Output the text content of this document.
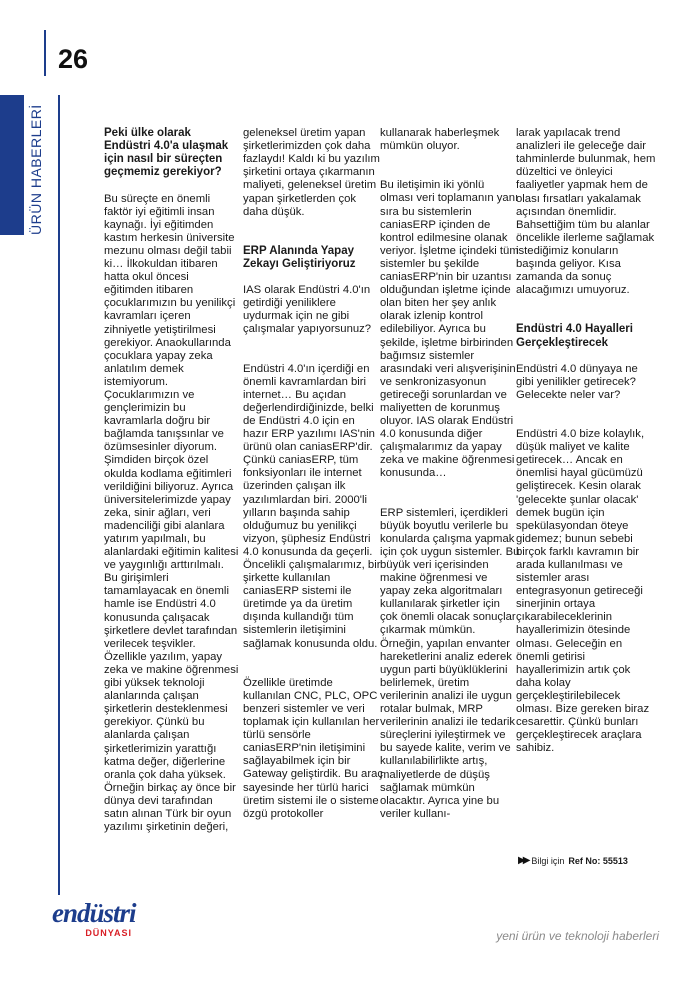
26
ÜRÜN HABERLERİ	Peki ülke olarak Endüstri 4.0'a ulaşmak için nasıl bir süreçten geçmemiz gerekiyor?

Bu süreçte en önemli faktör iyi eğitimli insan kaynağı. İyi eğitimden kastım herkesin üniversite mezunu olması değil tabii ki… İlkokuldan itibaren hatta okul öncesi eğitimden itibaren çocuklarımızın bu yenilikçi kavramları içeren zihniyetle yetiştirilmesi gerekiyor. Anaokullarında çocuklara yapay zeka anlatılım demek istemiyorum. Çocuklarımızın ve gençlerimizin bu kavramlarla doğru bir bağlamda tanışsınlar ve özümsesinler diyorum. Şimdiden birçok özel okulda kodlama eğitimleri verildiğini biliyoruz. Ayrıca üniversitelerimizde yapay zeka, sinir ağları, veri madenciliği gibi alanlara yatırım yapılmalı, bu alanlardaki eğitimin kalitesi ve yaygınlığı arttırılmalı. Bu girişimleri tamamlayacak en önemli hamle ise Endüstri 4.0 konusunda çalışacak şirketlere devlet tarafından verilecek teşvikler. Özellikle yazılım, yapay zeka ve makine öğrenmesi gibi yüksek teknoloji alanlarında çalışan şirketlerin desteklenmesi gerekiyor. Çünkü bu alanlarda çalışan şirketlerimizin yarattığı katma değer, diğerlerine oranla çok daha yüksek. Örneğin birkaç ay önce bir dünya devi tarafından satın alınan Türk bir oyun yazılımı şirketinin değeri,

geleneksel üretim yapan şirketlerimizden çok daha fazlaydı! Kaldı ki bu yazılım şirketini ortaya çıkarmanın maliyeti, geleneksel üretim yapan şirketlerden çok daha düşük.

ERP Alanında Yapay Zekayı Geliştiriyoruz

IAS olarak Endüstri 4.0'ın getirdiği yeniliklere uydurmak için ne gibi çalışmalar yapıyorsunuz?

Endüstri 4.0'ın içerdiği en önemli kavramlardan biri internet… Bu açıdan değerlendirdiğinizde, belki de Endüstri 4.0 için en hazır ERP yazılımı IAS'nin ürünü olan caniasERP'dir. Çünkü caniasERP, tüm fonksiyonları ile internet üzerinden çalışan ilk yazılımlardan biri. 2000'li yılların başında sahip olduğumuz bu yenilikçi vizyon, şüphesiz Endüstri 4.0 konusunda da geçerli. Öncelikli çalışmalarımız, bir şirkette kullanılan caniasERP sistemi ile üretimde ya da üretim dışında kullandığı tüm sistemlerin iletişimini sağlamak konusunda oldu.

Özellikle üretimde kullanılan CNC, PLC, OPC benzeri sistemler ve veri toplamak için kullanılan her türlü sensörle caniasERP'nin iletişimini sağlayabilmek için bir Gateway geliştirdik. Bu araç sayesinde her türlü harici üretim sistemi ile o sisteme özgü protokoller

kullanarak haberleşmek mümkün oluyor.

Bu iletişimin iki yönlü olması veri toplamanın yanı sıra bu sistemlerin caniasERP içinden de kontrol edilmesine olanak veriyor. İşletme içindeki tüm sistemler bu şekilde caniasERP'nin bir uzantısı olduğundan işletme içinde olan biten her şey anlık olarak izlenip kontrol edilebiliyor. Ayrıca bu şekilde, işletme birbirinden bağımsız sistemler arasındaki veri alışverişinin ve senkronizasyonun getireceği sorunlardan ve maliyetten de korunmuş oluyor. IAS olarak Endüstri 4.0 konusunda diğer çalışmalarımız da yapay zeka ve makine öğrenmesi konusunda…

ERP sistemleri, içerdikleri büyük boyutlu verilerle bu konularda çalışma yapmak için çok uygun sistemler. Bu büyük veri içerisinden makine öğrenmesi ve yapay zeka algoritmaları kullanılarak şirketler için çok önemli olacak sonuçlar çıkarmak mümkün. Örneğin, yapılan envanter hareketlerini analiz ederek uygun parti büyüklüklerini belirlemek, üretim verilerinin analizi ile uygun rotalar bulmak, MRP verilerinin analizi ile tedarik süreçlerini iyileştirmek ve bu sayede kalite, verim ve kullanılabilirlikte artış, maliyetlerde de düşüş sağlamak mümkün olacaktır. Ayrıca yine bu veriler kullanı-

larak yapılacak trend analizleri ile geleceğe dair tahminlerde bulunmak, hem düzeltici ve önleyici faaliyetler yapmak hem de olası fırsatları yakalamak açısından önemlidir. Bahsettiğim tüm bu alanlar öncelikle ilerleme sağlamak istediğimiz konuların başında geliyor. Kısa zamanda da sonuç alacağımızı umuyoruz.

Endüstri 4.0 Hayalleri Gerçekleştirecek

Endüstri 4.0 dünyaya ne gibi yenilikler getirecek? Gelecekte neler var?

Endüstri 4.0 bize kolaylık, düşük maliyet ve kalite getirecek… Ancak en önemlisi hayal gücümüzü geliştirecek. Kesin olarak 'gelecekte şunlar olacak' demek bugün için spekülasyondan öteye gidemez; bunun sebebi birçok farklı kavramın bir arada kullanılması ve sistemler arası entegrasyonun getireceği sinerjinin ortaya çıkarabileceklerinin hayallerimizin ötesinde olması. Geleceğin en önemli getirisi hayallerimizin artık çok daha kolay gerçekleştirilebilecek olması. Bize gereken biraz cesarettir. Çünkü bunları gerçekleştirecek araçlara sahibiz.

▶▶ Bilgi için Ref No: 55513
endüstri
DÜNYASI	yeni ürün ve teknoloji haberleri
